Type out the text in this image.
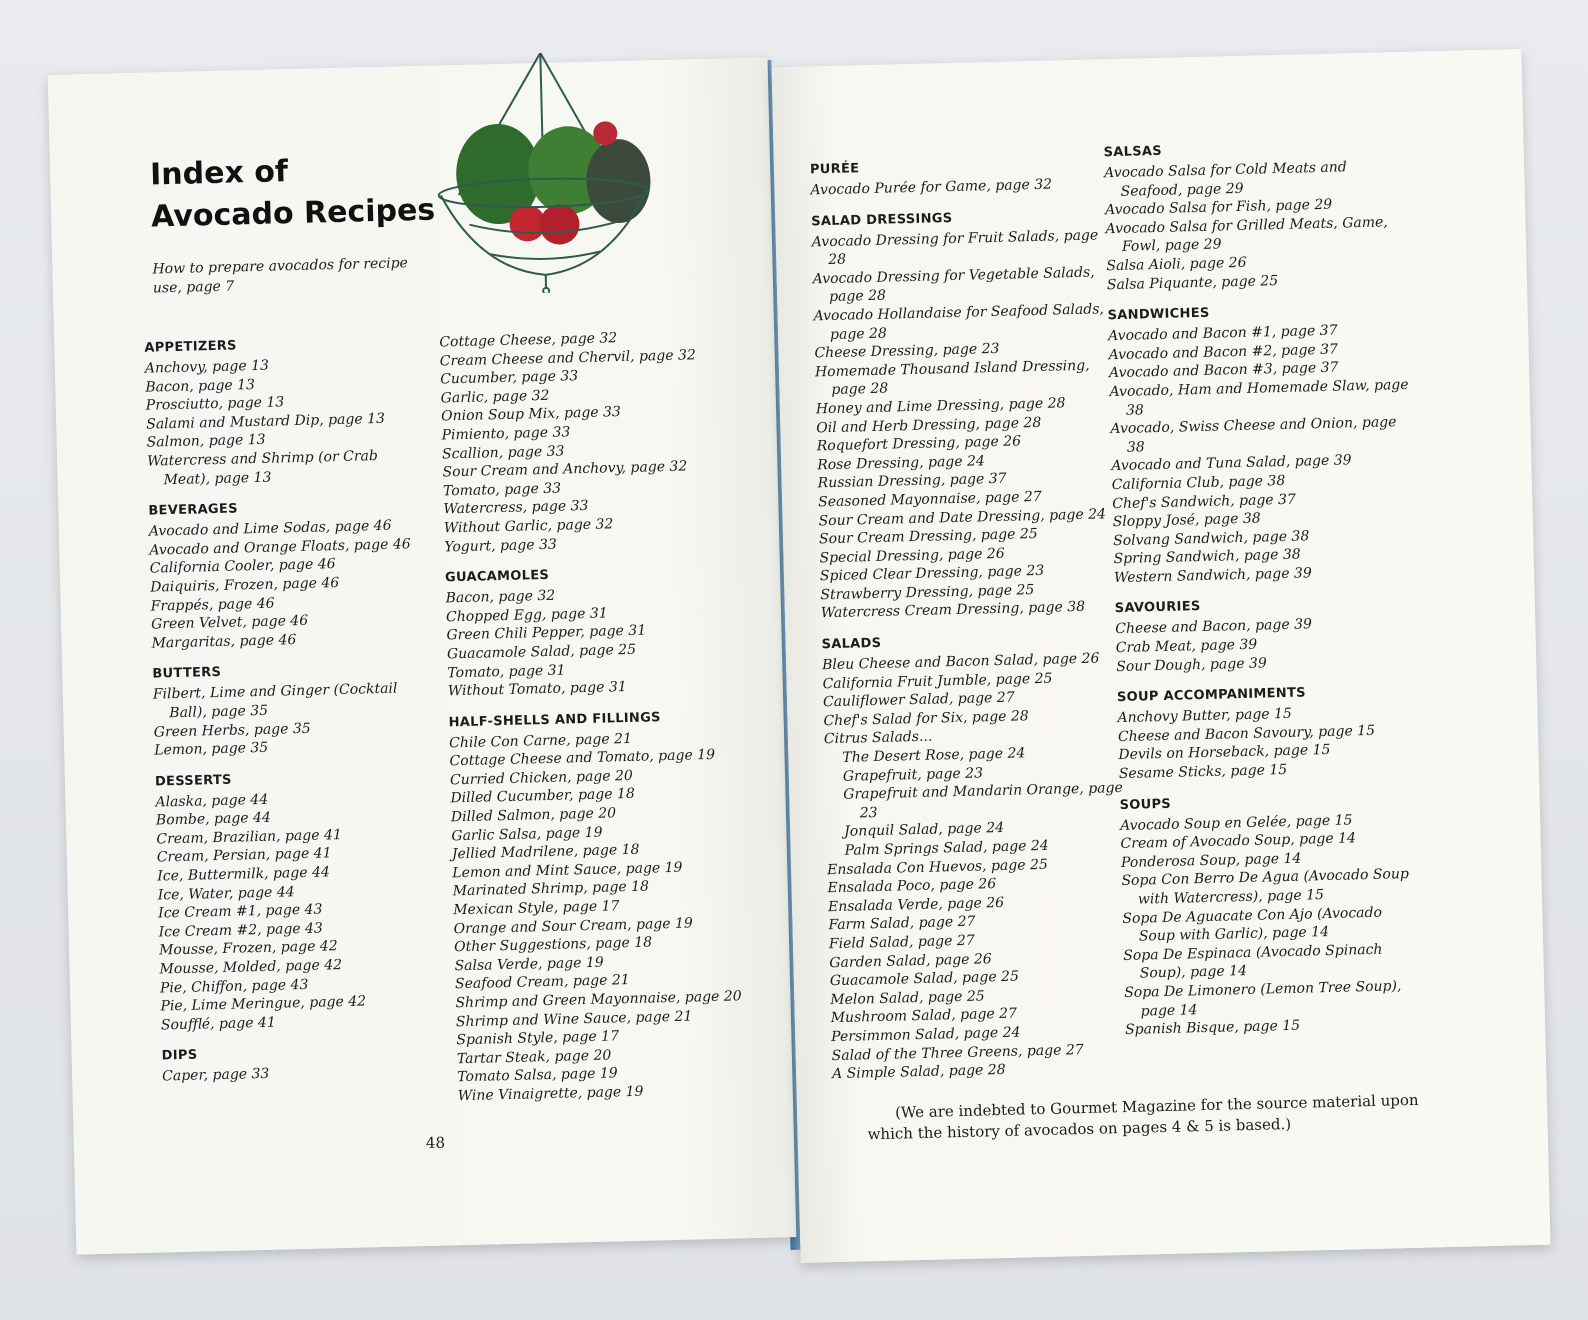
Index of
Avocado Recipes
How to prepare avocados for recipe use, page 7
APPETIZERS
Anchovy, page 13
Bacon, page 13
Prosciutto, page 13
Salami and Mustard Dip, page 13
Salmon, page 13
Watercress and Shrimp (or Crab Meat), page 13
BEVERAGES
Avocado and Lime Sodas, page 46
Avocado and Orange Floats, page 46
California Cooler, page 46
Daiquiris, Frozen, page 46
Frappés, page 46
Green Velvet, page 46
Margaritas, page 46
BUTTERS
Filbert, Lime and Ginger (Cocktail Ball), page 35
Green Herbs, page 35
Lemon, page 35
DESSERTS
Alaska, page 44
Bombe, page 44
Cream, Brazilian, page 41
Cream, Persian, page 41
Ice, Buttermilk, page 44
Ice, Water, page 44
Ice Cream #1, page 43
Ice Cream #2, page 43
Mousse, Frozen, page 42
Mousse, Molded, page 42
Pie, Chiffon, page 43
Pie, Lime Meringue, page 42
Soufflé, page 41
DIPS
Caper, page 33
Cottage Cheese, page 32
Cream Cheese and Chervil, page 32
Cucumber, page 33
Garlic, page 32
Onion Soup Mix, page 33
Pimiento, page 33
Scallion, page 33
Sour Cream and Anchovy, page 32
Tomato, page 33
Watercress, page 33
Without Garlic, page 32
Yogurt, page 33
GUACAMOLES
Bacon, page 32
Chopped Egg, page 31
Green Chili Pepper, page 31
Guacamole Salad, page 25
Tomato, page 31
Without Tomato, page 31
HALF-SHELLS AND FILLINGS
Chile Con Carne, page 21
Cottage Cheese and Tomato, page 19
Curried Chicken, page 20
Dilled Cucumber, page 18
Dilled Salmon, page 20
Garlic Salsa, page 19
Jellied Madrilene, page 18
Lemon and Mint Sauce, page 19
Marinated Shrimp, page 18
Mexican Style, page 17
Orange and Sour Cream, page 19
Other Suggestions, page 18
Salsa Verde, page 19
Seafood Cream, page 21
Shrimp and Green Mayonnaise, page 20
Shrimp and Wine Sauce, page 21
Spanish Style, page 17
Tartar Steak, page 20
Tomato Salsa, page 19
Wine Vinaigrette, page 19
48
PURÉE
Avocado Purée for Game, page 32
SALAD DRESSINGS
Avocado Dressing for Fruit Salads, page 28
Avocado Dressing for Vegetable Salads, page 28
Avocado Hollandaise for Seafood Salads, page 28
Cheese Dressing, page 23
Homemade Thousand Island Dressing, page 28
Honey and Lime Dressing, page 28
Oil and Herb Dressing, page 28
Roquefort Dressing, page 26
Rose Dressing, page 24
Russian Dressing, page 37
Seasoned Mayonnaise, page 27
Sour Cream and Date Dressing, page 24
Sour Cream Dressing, page 25
Special Dressing, page 26
Spiced Clear Dressing, page 23
Strawberry Dressing, page 25
Watercress Cream Dressing, page 38
SALADS
Bleu Cheese and Bacon Salad, page 26
California Fruit Jumble, page 25
Cauliflower Salad, page 27
Chef's Salad for Six, page 28
Citrus Salads...
The Desert Rose, page 24
Grapefruit, page 23
Grapefruit and Mandarin Orange, page 23
Jonquil Salad, page 24
Palm Springs Salad, page 24
Ensalada Con Huevos, page 25
Ensalada Poco, page 26
Ensalada Verde, page 26
Farm Salad, page 27
Field Salad, page 27
Garden Salad, page 26
Guacamole Salad, page 25
Melon Salad, page 25
Mushroom Salad, page 27
Persimmon Salad, page 24
Salad of the Three Greens, page 27
A Simple Salad, page 28
SALSAS
Avocado Salsa for Cold Meats and Seafood, page 29
Avocado Salsa for Fish, page 29
Avocado Salsa for Grilled Meats, Game, Fowl, page 29
Salsa Aioli, page 26
Salsa Piquante, page 25
SANDWICHES
Avocado and Bacon #1, page 37
Avocado and Bacon #2, page 37
Avocado and Bacon #3, page 37
Avocado, Ham and Homemade Slaw, page 38
Avocado, Swiss Cheese and Onion, page 38
Avocado and Tuna Salad, page 39
California Club, page 38
Chef's Sandwich, page 37
Sloppy José, page 38
Solvang Sandwich, page 38
Spring Sandwich, page 38
Western Sandwich, page 39
SAVOURIES
Cheese and Bacon, page 39
Crab Meat, page 39
Sour Dough, page 39
SOUP ACCOMPANIMENTS
Anchovy Butter, page 15
Cheese and Bacon Savoury, page 15
Devils on Horseback, page 15
Sesame Sticks, page 15
SOUPS
Avocado Soup en Gelée, page 15
Cream of Avocado Soup, page 14
Ponderosa Soup, page 14
Sopa Con Berro De Agua (Avocado Soup with Watercress), page 15
Sopa De Aguacate Con Ajo (Avocado Soup with Garlic), page 14
Sopa De Espinaca (Avocado Spinach Soup), page 14
Sopa De Limonero (Lemon Tree Soup), page 14
Spanish Bisque, page 15
(We are indebted to Gourmet Magazine for the source material upon which the history of avocados on pages 4 & 5 is based.)
